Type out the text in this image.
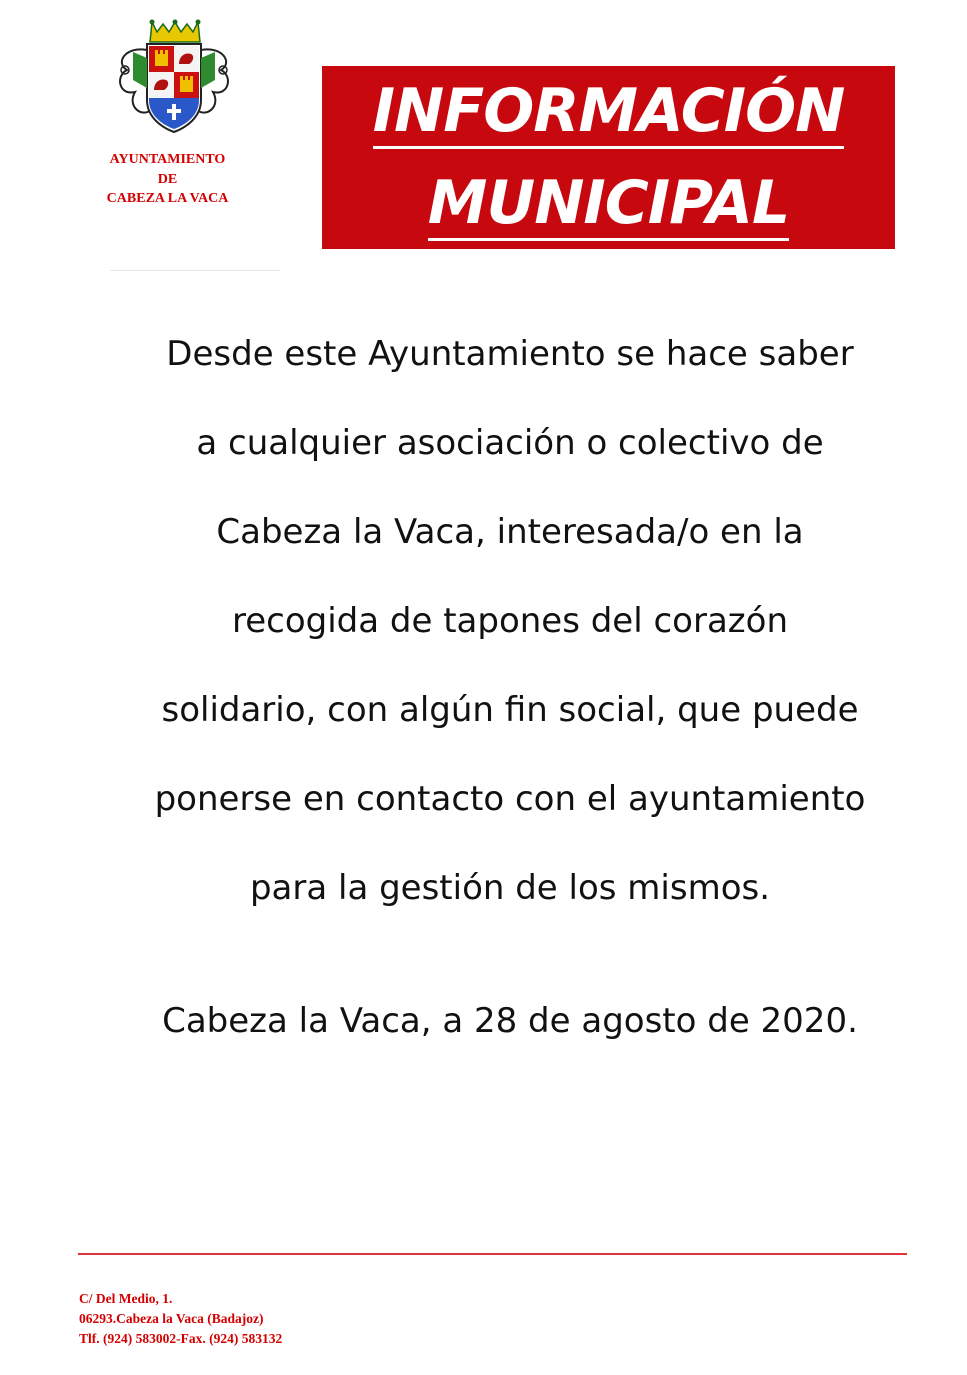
AYUNTAMIENTO
DE
CABEZA LA VACA
INFORMACIÓN
MUNICIPAL
Desde este Ayuntamiento se hace saber
a cualquier asociación o colectivo de
Cabeza la Vaca, interesada/o en la
recogida de tapones del corazón
solidario, con algún fin social, que puede
ponerse en contacto con el ayuntamiento
para la gestión de los mismos.
Cabeza la Vaca, a 28 de agosto de 2020.
C/ Del Medio, 1.
06293.Cabeza la Vaca (Badajoz)
Tlf. (924) 583002-Fax. (924) 583132
